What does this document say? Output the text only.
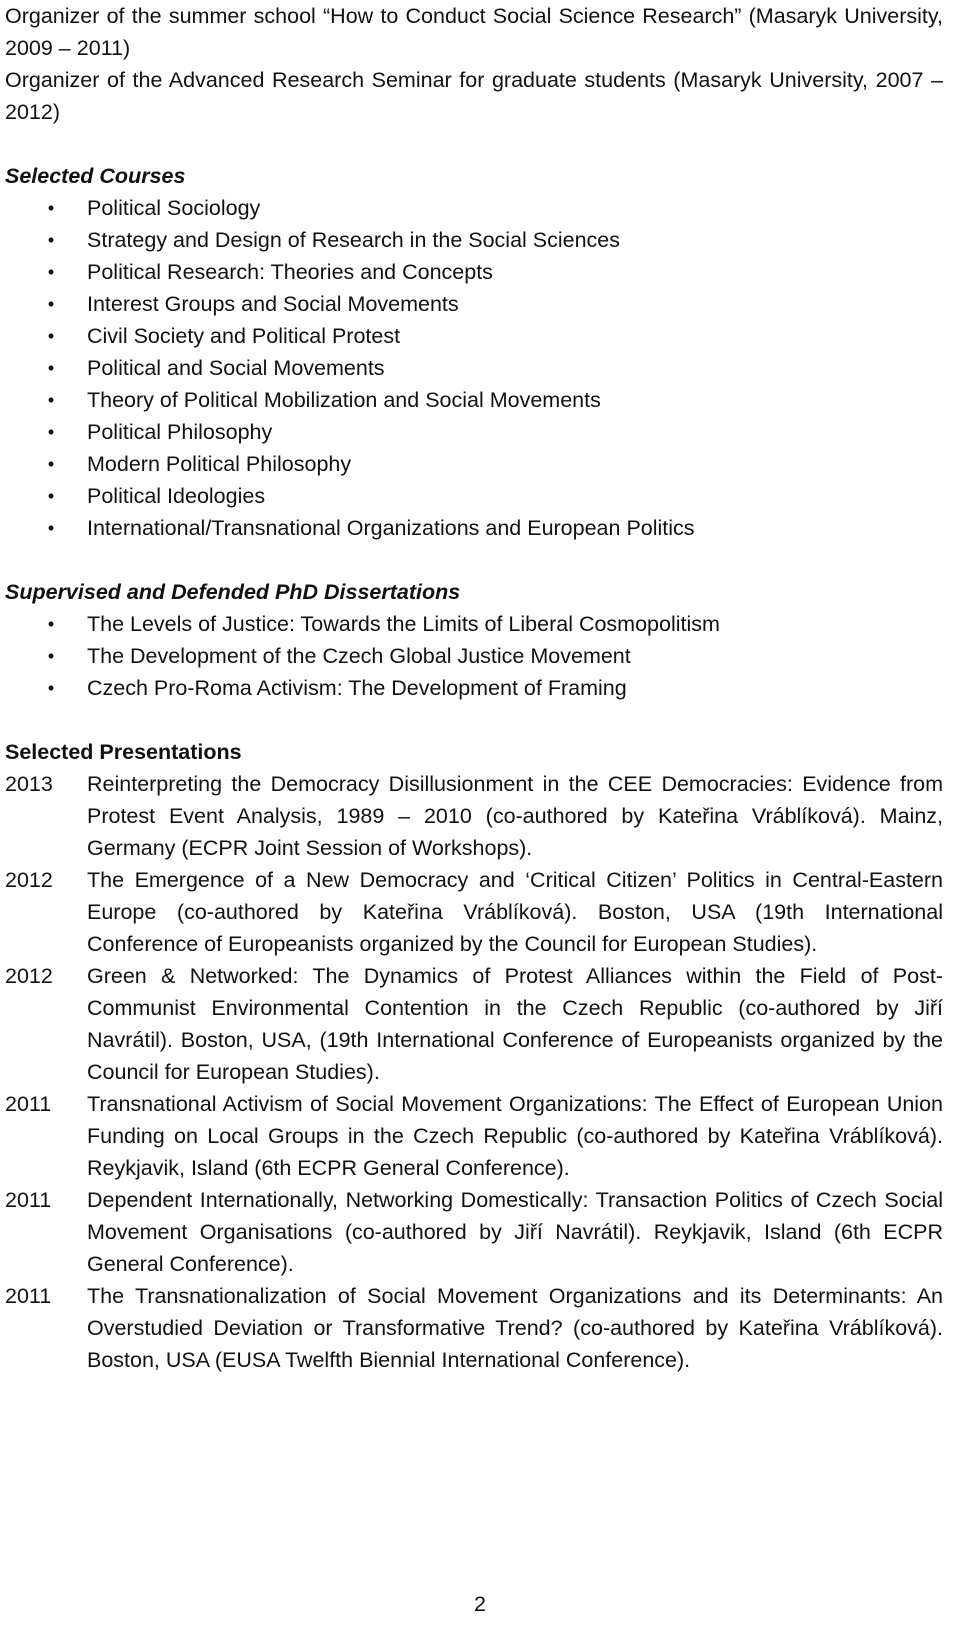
Organizer of the summer school “How to Conduct Social Science Research” (Masaryk University, 2009 – 2011)

Organizer of the Advanced Research Seminar for graduate students (Masaryk University, 2007 – 2012)

Selected Courses

• Political Sociology
• Strategy and Design of Research in the Social Sciences
• Political Research: Theories and Concepts
• Interest Groups and Social Movements
• Civil Society and Political Protest
• Political and Social Movements
• Theory of Political Mobilization and Social Movements
• Political Philosophy
• Modern Political Philosophy
• Political Ideologies
• International/Transnational Organizations and European Politics

Supervised and Defended PhD Dissertations

• The Levels of Justice: Towards the Limits of Liberal Cosmopolitism
• The Development of the Czech Global Justice Movement
• Czech Pro-Roma Activism: The Development of Framing

Selected Presentations

2013	Reinterpreting the Democracy Disillusionment in the CEE Democracies: Evidence from Protest Event Analysis, 1989 – 2010 (co-authored by Kateřina Vráblíková). Mainz, Germany (ECPR Joint Session of Workshops).
2012	The Emergence of a New Democracy and ‘Critical Citizen’ Politics in Central-Eastern Europe (co-authored by Kateřina Vráblíková). Boston, USA (19th International Conference of Europeanists organized by the Council for European Studies).
2012	Green & Networked: The Dynamics of Protest Alliances within the Field of Post-Communist Environmental Contention in the Czech Republic (co-authored by Jiří Navrátil). Boston, USA, (19th International Conference of Europeanists organized by the Council for European Studies).
2011	Transnational Activism of Social Movement Organizations: The Effect of European Union Funding on Local Groups in the Czech Republic (co-authored by Kateřina Vráblíková). Reykjavik, Island (6th ECPR General Conference).
2011	Dependent Internationally, Networking Domestically: Transaction Politics of Czech Social Movement Organisations (co-authored by Jiří Navrátil). Reykjavik, Island (6th ECPR General Conference).
2011	The Transnationalization of Social Movement Organizations and its Determinants: An Overstudied Deviation or Transformative Trend? (co-authored by Kateřina Vráblíková). Boston, USA (EUSA Twelfth Biennial International Conference).
2
